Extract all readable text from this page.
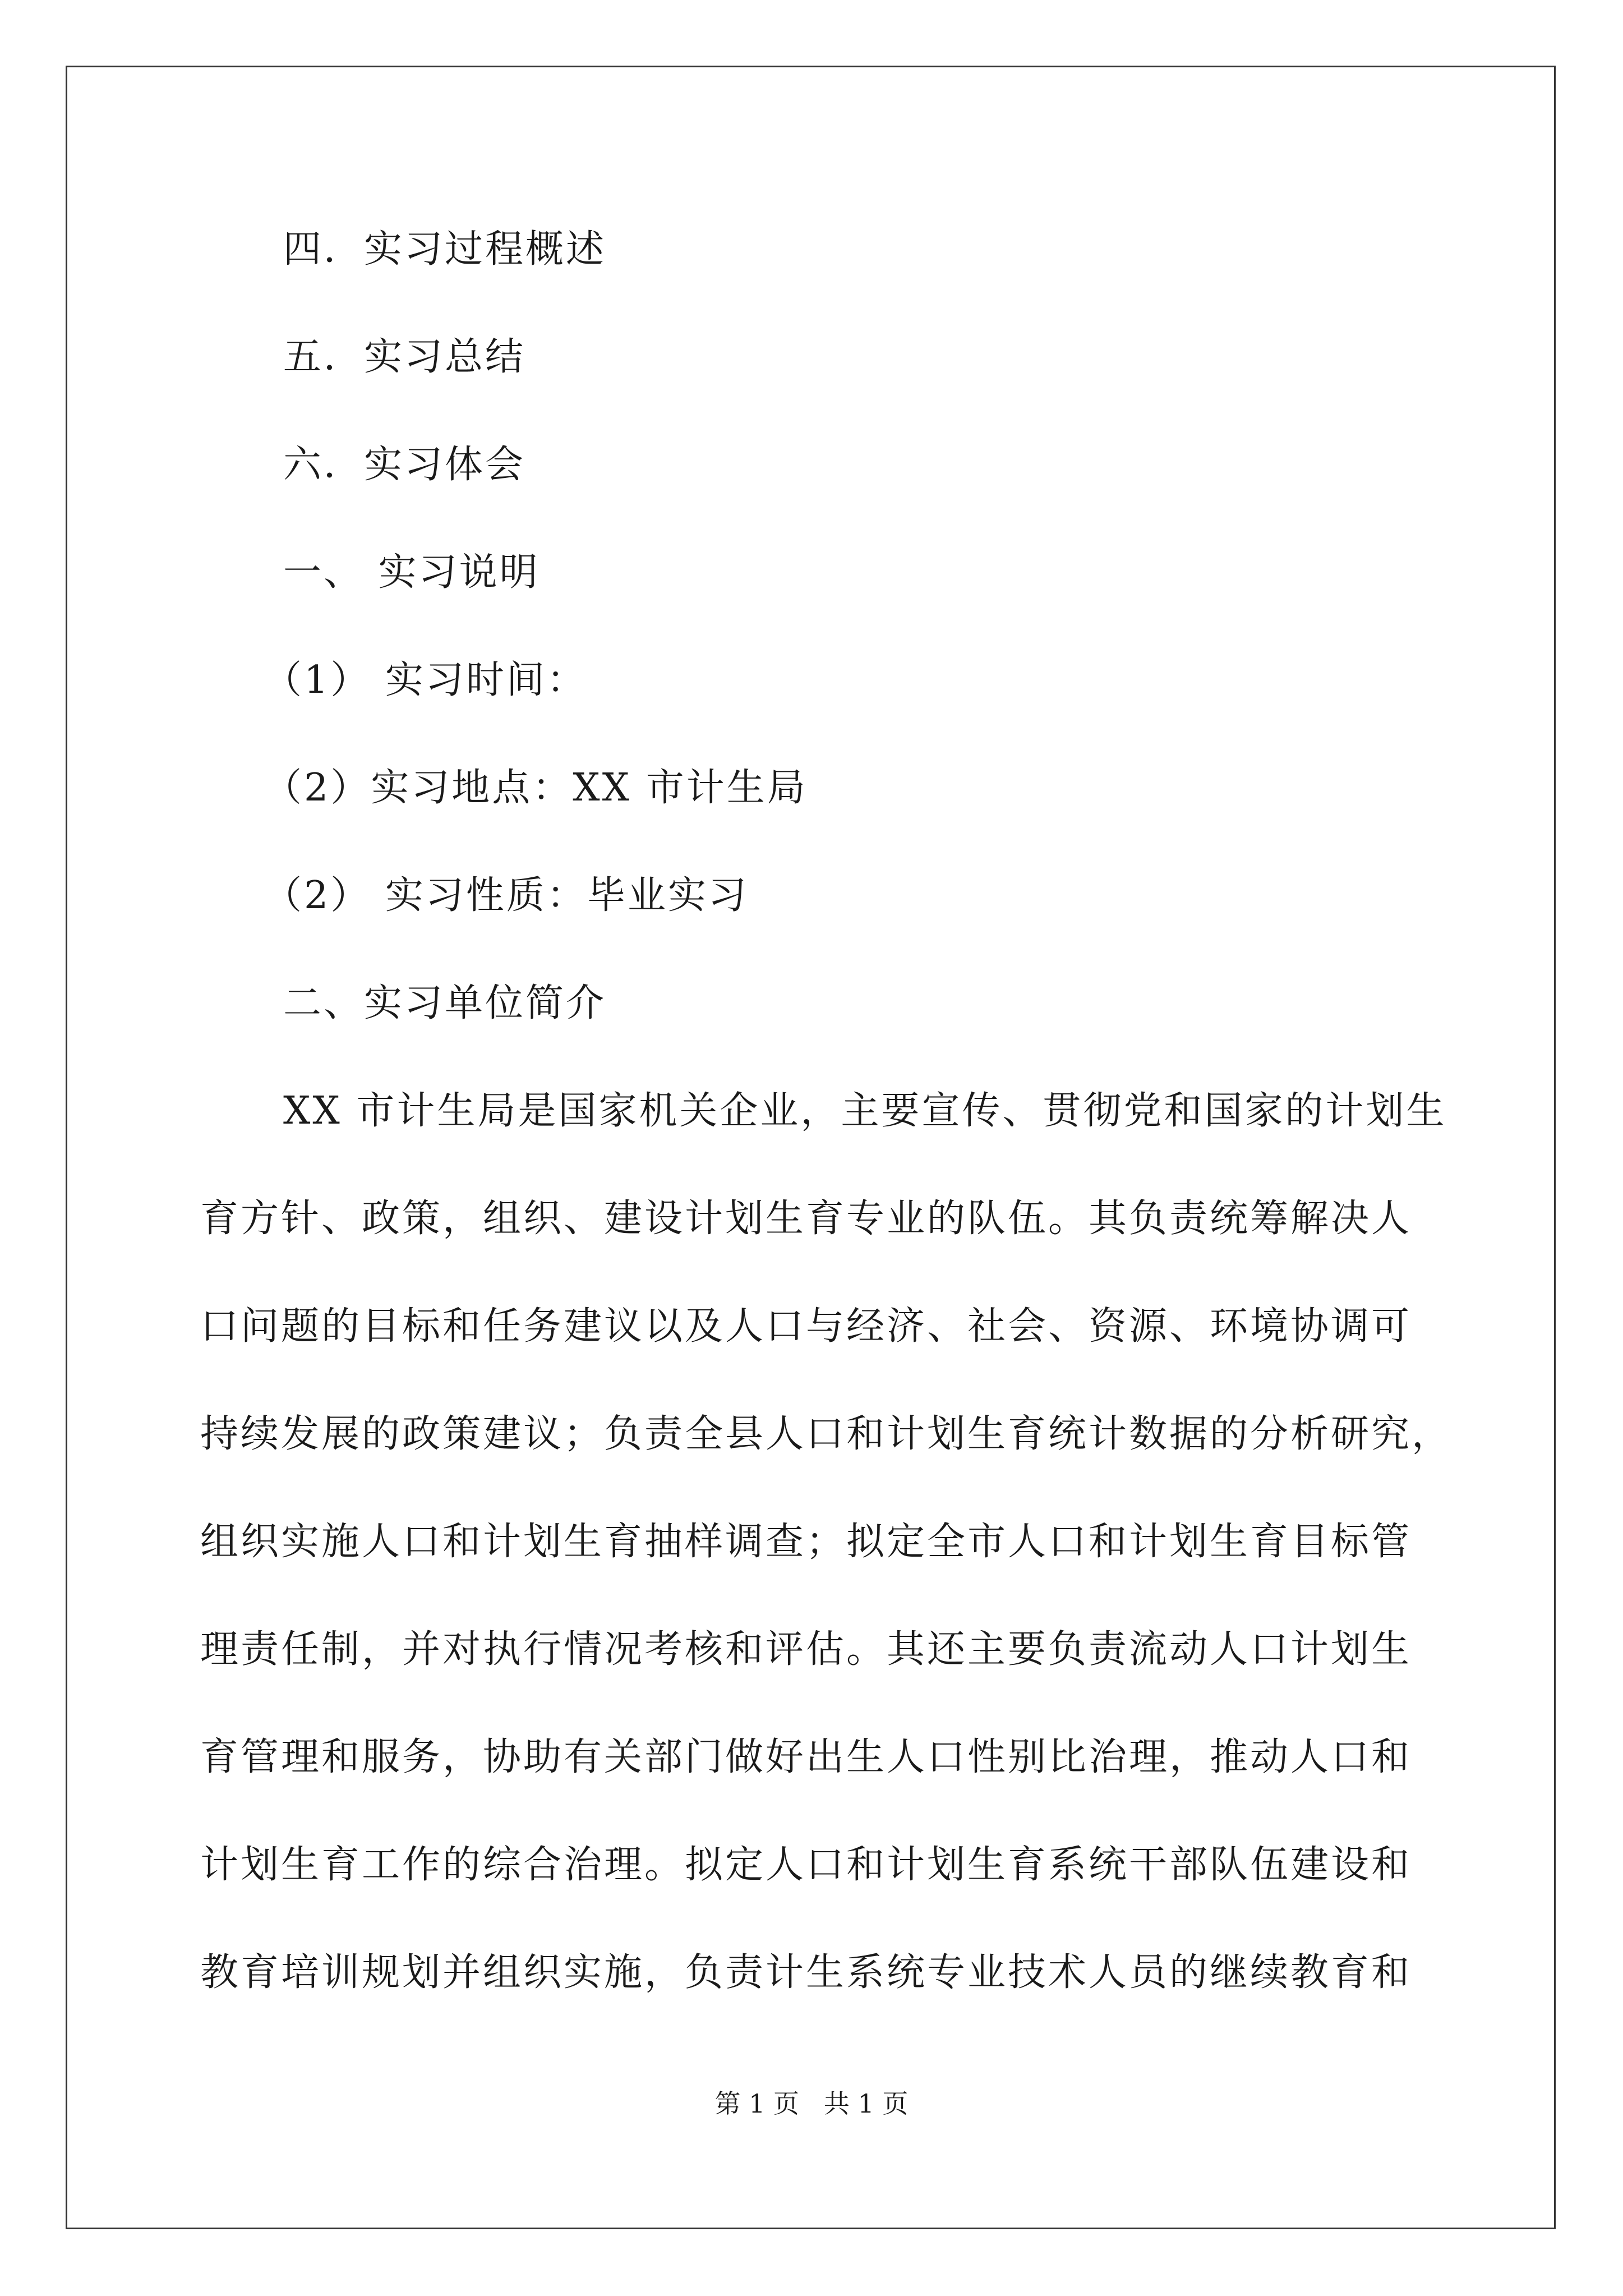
四．实习过程概述
五．实习总结
六．实习体会
一、 实习说明
（1） 实习时间：
（2）实习地点：XX 市计生局
（2） 实习性质：毕业实习
二、实习单位简介
XX 市计生局是国家机关企业，主要宣传、贯彻党和国家的计划生
育方针、政策，组织、建设计划生育专业的队伍。其负责统筹解决人
口问题的目标和任务建议以及人口与经济、社会、资源、环境协调可
持续发展的政策建议；负责全县人口和计划生育统计数据的分析研究，
组织实施人口和计划生育抽样调查；拟定全市人口和计划生育目标管
理责任制，并对执行情况考核和评估。其还主要负责流动人口计划生
育管理和服务，协助有关部门做好出生人口性别比治理，推动人口和
计划生育工作的综合治理。拟定人口和计划生育系统干部队伍建设和
教育培训规划并组织实施，负责计生系统专业技术人员的继续教育和
第 1 页   共 1 页
